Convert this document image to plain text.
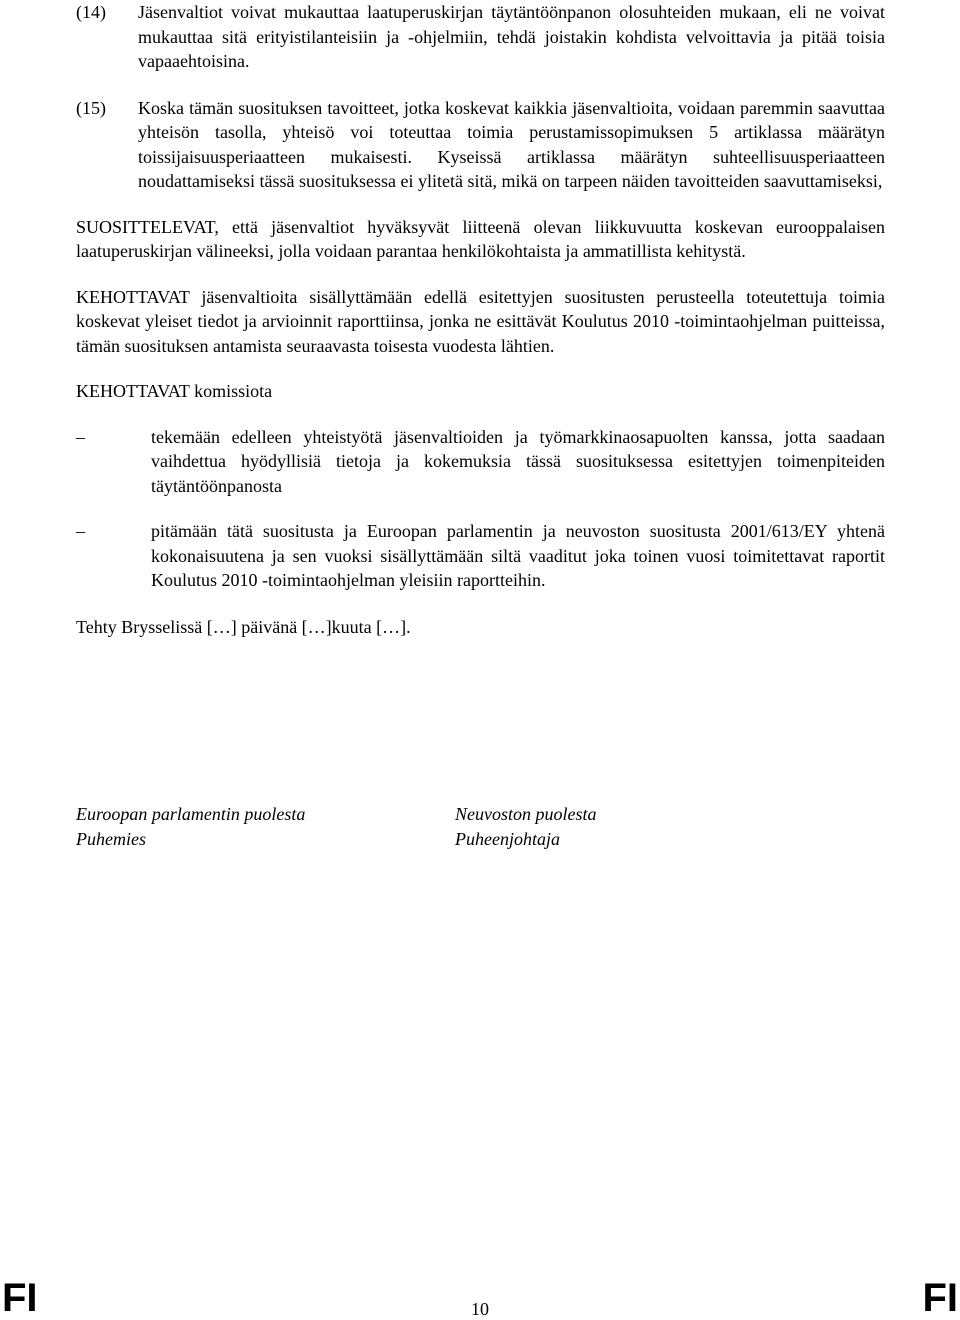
(14)	Jäsenvaltiot voivat mukauttaa laatuperuskirjan täytäntöönpanon olosuhteiden mukaan, eli ne voivat mukauttaa sitä erityistilanteisiin ja -ohjelmiin, tehdä joistakin kohdista velvoittavia ja pitää toisia vapaaehtoisina.
(15)	Koska tämän suosituksen tavoitteet, jotka koskevat kaikkia jäsenvaltioita, voidaan paremmin saavuttaa yhteisön tasolla, yhteisö voi toteuttaa toimia perustamissopimuksen 5 artiklassa määrätyn toissijaisuusperiaatteen mukaisesti. Kyseissä artiklassa määrätyn suhteellisuusperiaatteen noudattamiseksi tässä suosituksessa ei ylitetä sitä, mikä on tarpeen näiden tavoitteiden saavuttamiseksi,
SUOSITTELEVAT, että jäsenvaltiot hyväksyvät liitteenä olevan liikkuvuutta koskevan eurooppalaisen laatuperuskirjan välineeksi, jolla voidaan parantaa henkilökohtaista ja ammatillista kehitystä.
KEHOTTAVAT jäsenvaltioita sisällyttämään edellä esitettyjen suositusten perusteella toteutettuja toimia koskevat yleiset tiedot ja arvioinnit raporttiinsa, jonka ne esittävät Koulutus 2010 -toimintaohjelman puitteissa, tämän suosituksen antamista seuraavasta toisesta vuodesta lähtien.
KEHOTTAVAT komissiota
–	tekemään edelleen yhteistyötä jäsenvaltioiden ja työmarkkinaosapuolten kanssa, jotta saadaan vaihdettua hyödyllisiä tietoja ja kokemuksia tässä suosituksessa esitettyjen toimenpiteiden täytäntöönpanosta
–	pitämään tätä suositusta ja Euroopan parlamentin ja neuvoston suositusta 2001/613/EY yhtenä kokonaisuutena ja sen vuoksi sisällyttämään siltä vaaditut joka toinen vuosi toimitettavat raportit Koulutus 2010 -toimintaohjelman yleisiin raportteihin.
Tehty Brysselissä […] päivänä […]kuuta […].
Euroopan parlamentin puolesta
Puhemies
Neuvoston puolesta
Puheenjohtaja
FI	10	FI
